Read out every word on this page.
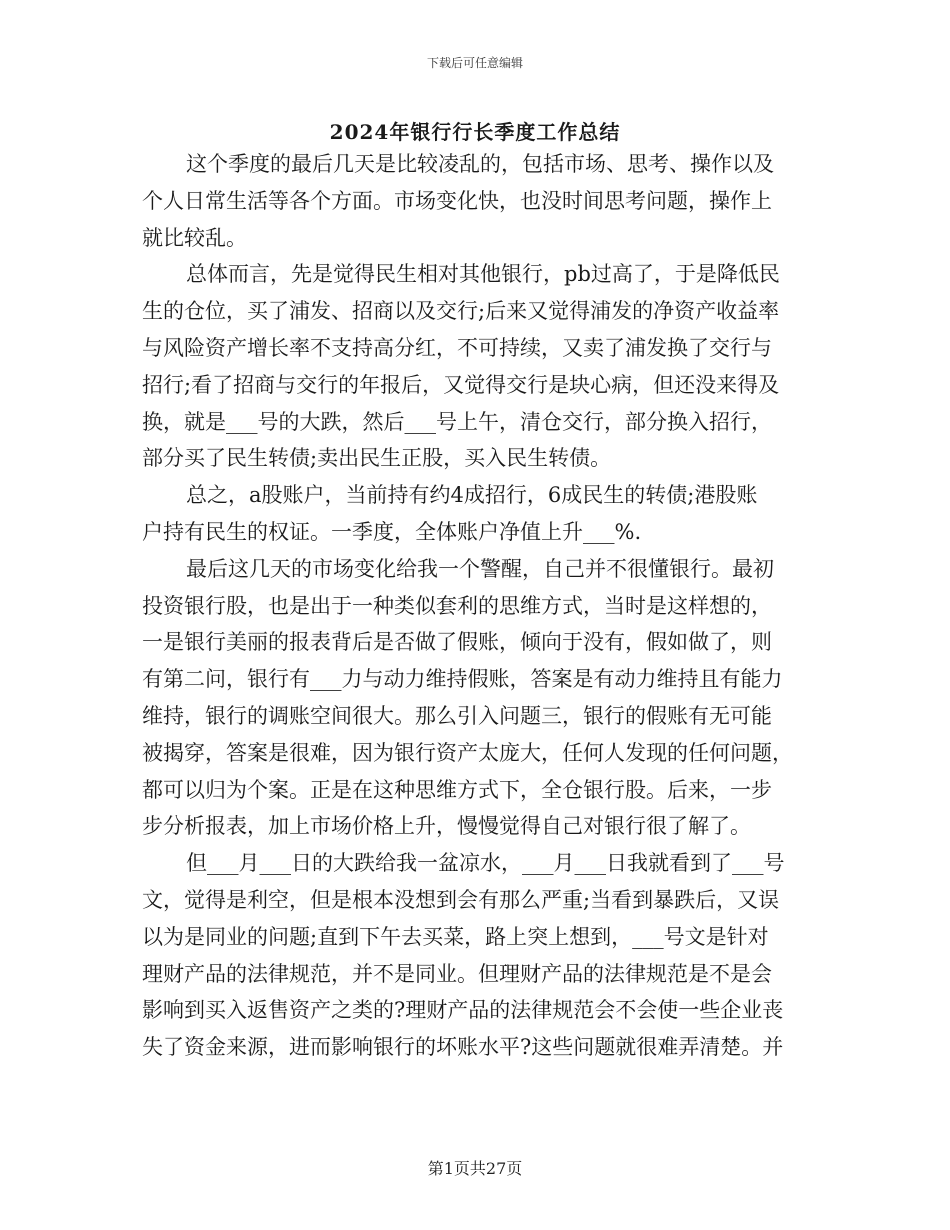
下载后可任意编辑
2024年银行行长季度工作总结
这个季度的最后几天是比较凌乱的，包括市场、思考、操作以及
个人日常生活等各个方面。市场变化快，也没时间思考问题，操作上
就比较乱。
总体而言，先是觉得民生相对其他银行，pb过高了，于是降低民
生的仓位，买了浦发、招商以及交行;后来又觉得浦发的净资产收益率
与风险资产增长率不支持高分红，不可持续，又卖了浦发换了交行与
招行;看了招商与交行的年报后，又觉得交行是块心病，但还没来得及
换，就是___号的大跌，然后___号上午，清仓交行，部分换入招行，
部分买了民生转债;卖出民生正股，买入民生转债。
总之，a股账户，当前持有约4成招行，6成民生的转债;港股账
户持有民生的权证。一季度，全体账户净值上升___%.
最后这几天的市场变化给我一个警醒，自己并不很懂银行。最初
投资银行股，也是出于一种类似套利的思维方式，当时是这样想的，
一是银行美丽的报表背后是否做了假账，倾向于没有，假如做了，则
有第二问，银行有___力与动力维持假账，答案是有动力维持且有能力
维持，银行的调账空间很大。那么引入问题三，银行的假账有无可能
被揭穿，答案是很难，因为银行资产太庞大，任何人发现的任何问题，
都可以归为个案。正是在这种思维方式下，全仓银行股。后来，一步
步分析报表，加上市场价格上升，慢慢觉得自己对银行很了解了。
但___月___日的大跌给我一盆凉水，___月___日我就看到了___号
文，觉得是利空，但是根本没想到会有那么严重;当看到暴跌后，又误
以为是同业的问题;直到下午去买菜，路上突上想到，___号文是针对
理财产品的法律规范，并不是同业。但理财产品的法律规范是不是会
影响到买入返售资产之类的?理财产品的法律规范会不会使一些企业丧
失了资金来源，进而影响银行的坏账水平?这些问题就很难弄清楚。并
第1页共27页
